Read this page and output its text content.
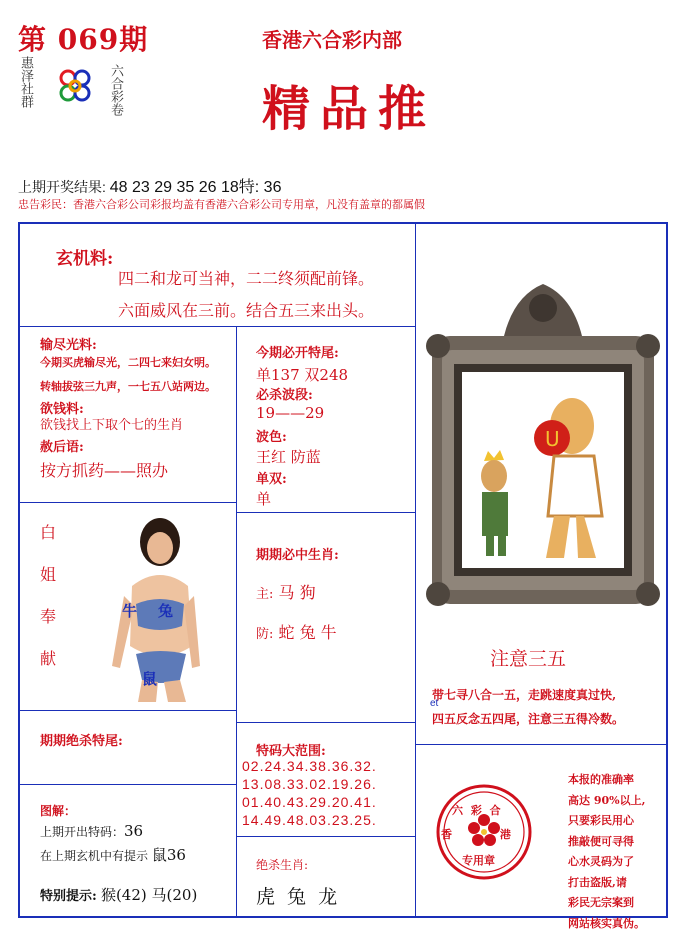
第 069期
惠泽社群	六合彩卷
香港六合彩内部
精品推
上期开奖结果: 48 23 29 35 26 18特: 36
忠告彩民：香港六合彩公司彩报均盖有香港六合彩公司专用章，凡没有盖章的都属假
玄机料:
四二和龙可当神，二二终须配前锋。
六面威风在三前。结合五三来出头。
输尽光料:
今期买虎输尽光，二四七来妇女明。
转轴拔弦三九声，一七五八站两边。
欲钱料:
欲钱找上下取个七的生肖
赦后语:
按方抓药——照办
今期必开特尾:
单137 双248
必杀波段:
19——29
波色:
王红 防蓝
单双:
单
白
姐
奉
献
牛 兔
鼠
期期必中生肖:
主: 马 狗
防: 蛇 兔 牛
期期绝杀特尾:
特码大范围:
02.24.34.38.36.32.
13.08.33.02.19.26.
01.40.43.29.20.41.
14.49.48.03.23.25.
图解：
上期开出特码：36
在上期玄机中有提示 鼠36
特别提示: 猴(42) 马(20)
绝杀生肖:
虎 兔 龙
U
注意三五
带七寻八合一五，走跳速度真过快,
四五反念五四尾，注意三五得冷数。
et
六 彩 合
香 港
专用章
本报的准确率
高达 90%以上,
只要彩民用心
推敲便可寻得
心水灵码为了
打击盗版,请
彩民无宗案到
网站核实真伪。
